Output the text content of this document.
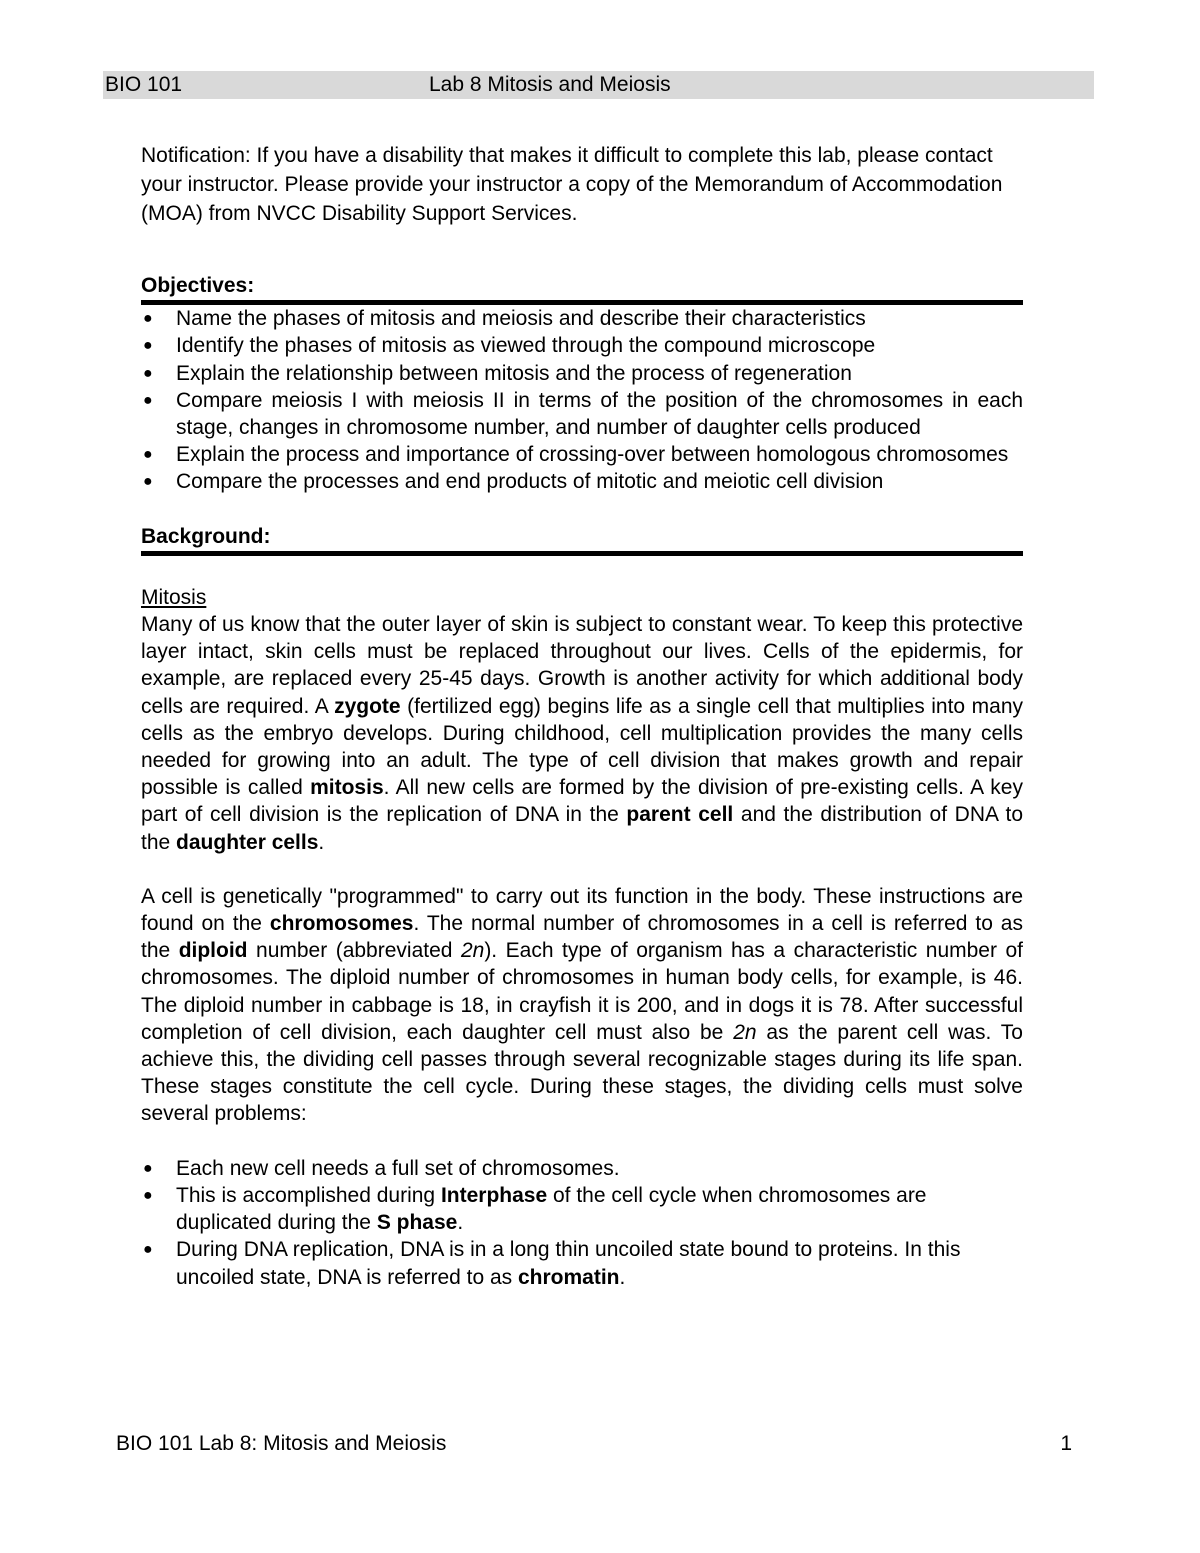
BIO 101	Lab 8 Mitosis and Meiosis

Notification: If you have a disability that makes it difficult to complete this lab, please contact your instructor. Please provide your instructor a copy of the Memorandum of Accommodation (MOA) from NVCC Disability Support Services.

Objectives:
● Name the phases of mitosis and meiosis and describe their characteristics
● Identify the phases of mitosis as viewed through the compound microscope
● Explain the relationship between mitosis and the process of regeneration
● Compare meiosis I with meiosis II in terms of the position of the chromosomes in each stage, changes in chromosome number, and number of daughter cells produced
● Explain the process and importance of crossing-over between homologous chromosomes
● Compare the processes and end products of mitotic and meiotic cell division
Background:

Mitosis

Many of us know that the outer layer of skin is subject to constant wear. To keep this protective layer intact, skin cells must be replaced throughout our lives. Cells of the epidermis, for example, are replaced every 25-45 days. Growth is another activity for which additional body cells are required. A zygote (fertilized egg) begins life as a single cell that multiplies into many cells as the embryo develops. During childhood, cell multiplication provides the many cells needed for growing into an adult. The type of cell division that makes growth and repair possible is called mitosis. All new cells are formed by the division of pre-existing cells. A key part of cell division is the replication of DNA in the parent cell and the distribution of DNA to the daughter cells.

A cell is genetically "programmed" to carry out its function in the body. These instructions are found on the chromosomes. The normal number of chromosomes in a cell is referred to as the diploid number (abbreviated 2n). Each type of organism has a characteristic number of chromosomes. The diploid number of chromosomes in human body cells, for example, is 46. The diploid number in cabbage is 18, in crayfish it is 200, and in dogs it is 78. After successful completion of cell division, each daughter cell must also be 2n as the parent cell was. To achieve this, the dividing cell passes through several recognizable stages during its life span. These stages constitute the cell cycle. During these stages, the dividing cells must solve several problems:

● Each new cell needs a full set of chromosomes.
● This is accomplished during Interphase of the cell cycle when chromosomes are duplicated during the S phase.
● During DNA replication, DNA is in a long thin uncoiled state bound to proteins. In this uncoiled state, DNA is referred to as chromatin.
BIO 101 Lab 8: Mitosis and Meiosis	1
